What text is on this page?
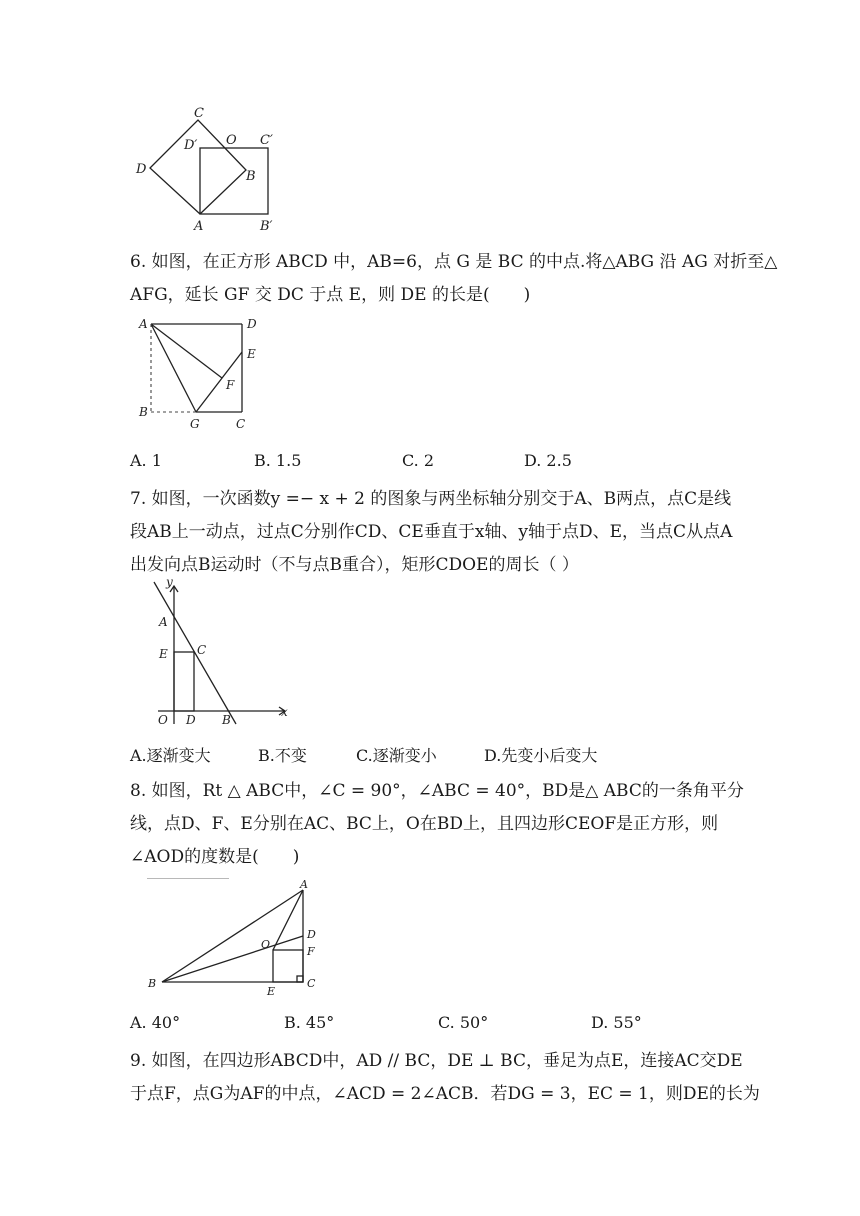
C
D
D′ O C′
B
A	B′
6. 如图，在正方形 ABCD 中，AB=6，点 G 是 BC 的中点.将△ABG 沿 AG 对折至△
AFG，延长 GF 交 DC 于点 E，则 DE 的长是(　　)
A	D
E
F
B
G	C
A. 1	B. 1.5	C. 2	D. 2.5
7. 如图，一次函数y =− x + 2 的图象与两坐标轴分别交于A、B两点，点C是线
段AB上一动点，过点C分别作CD、CE垂直于x轴、y轴于点D、E，当点C从点A
出发向点B运动时（不与点B重合），矩形CDOE的周长（ ）
y
A
E C
O D B
x
A.逐渐变大	B.不变	C.逐渐变小	D.先变小后变大
8. 如图，Rt △ ABC中，∠C = 90°，∠ABC = 40°，BD是△ ABC的一条角平分
线，点D、F、E分别在AC、BC上，O在BD上，且四边形CEOF是正方形，则
∠AOD的度数是(　　)
A
D
O
F
B
E
C
A. 40°	B. 45°	C. 50°	D. 55°
9. 如图，在四边形ABCD中，AD // BC，DE ⊥ BC，垂足为点E，连接AC交DE
于点F，点G为AF的中点，∠ACD = 2∠ACB．若DG = 3，EC = 1，则DE的长为
